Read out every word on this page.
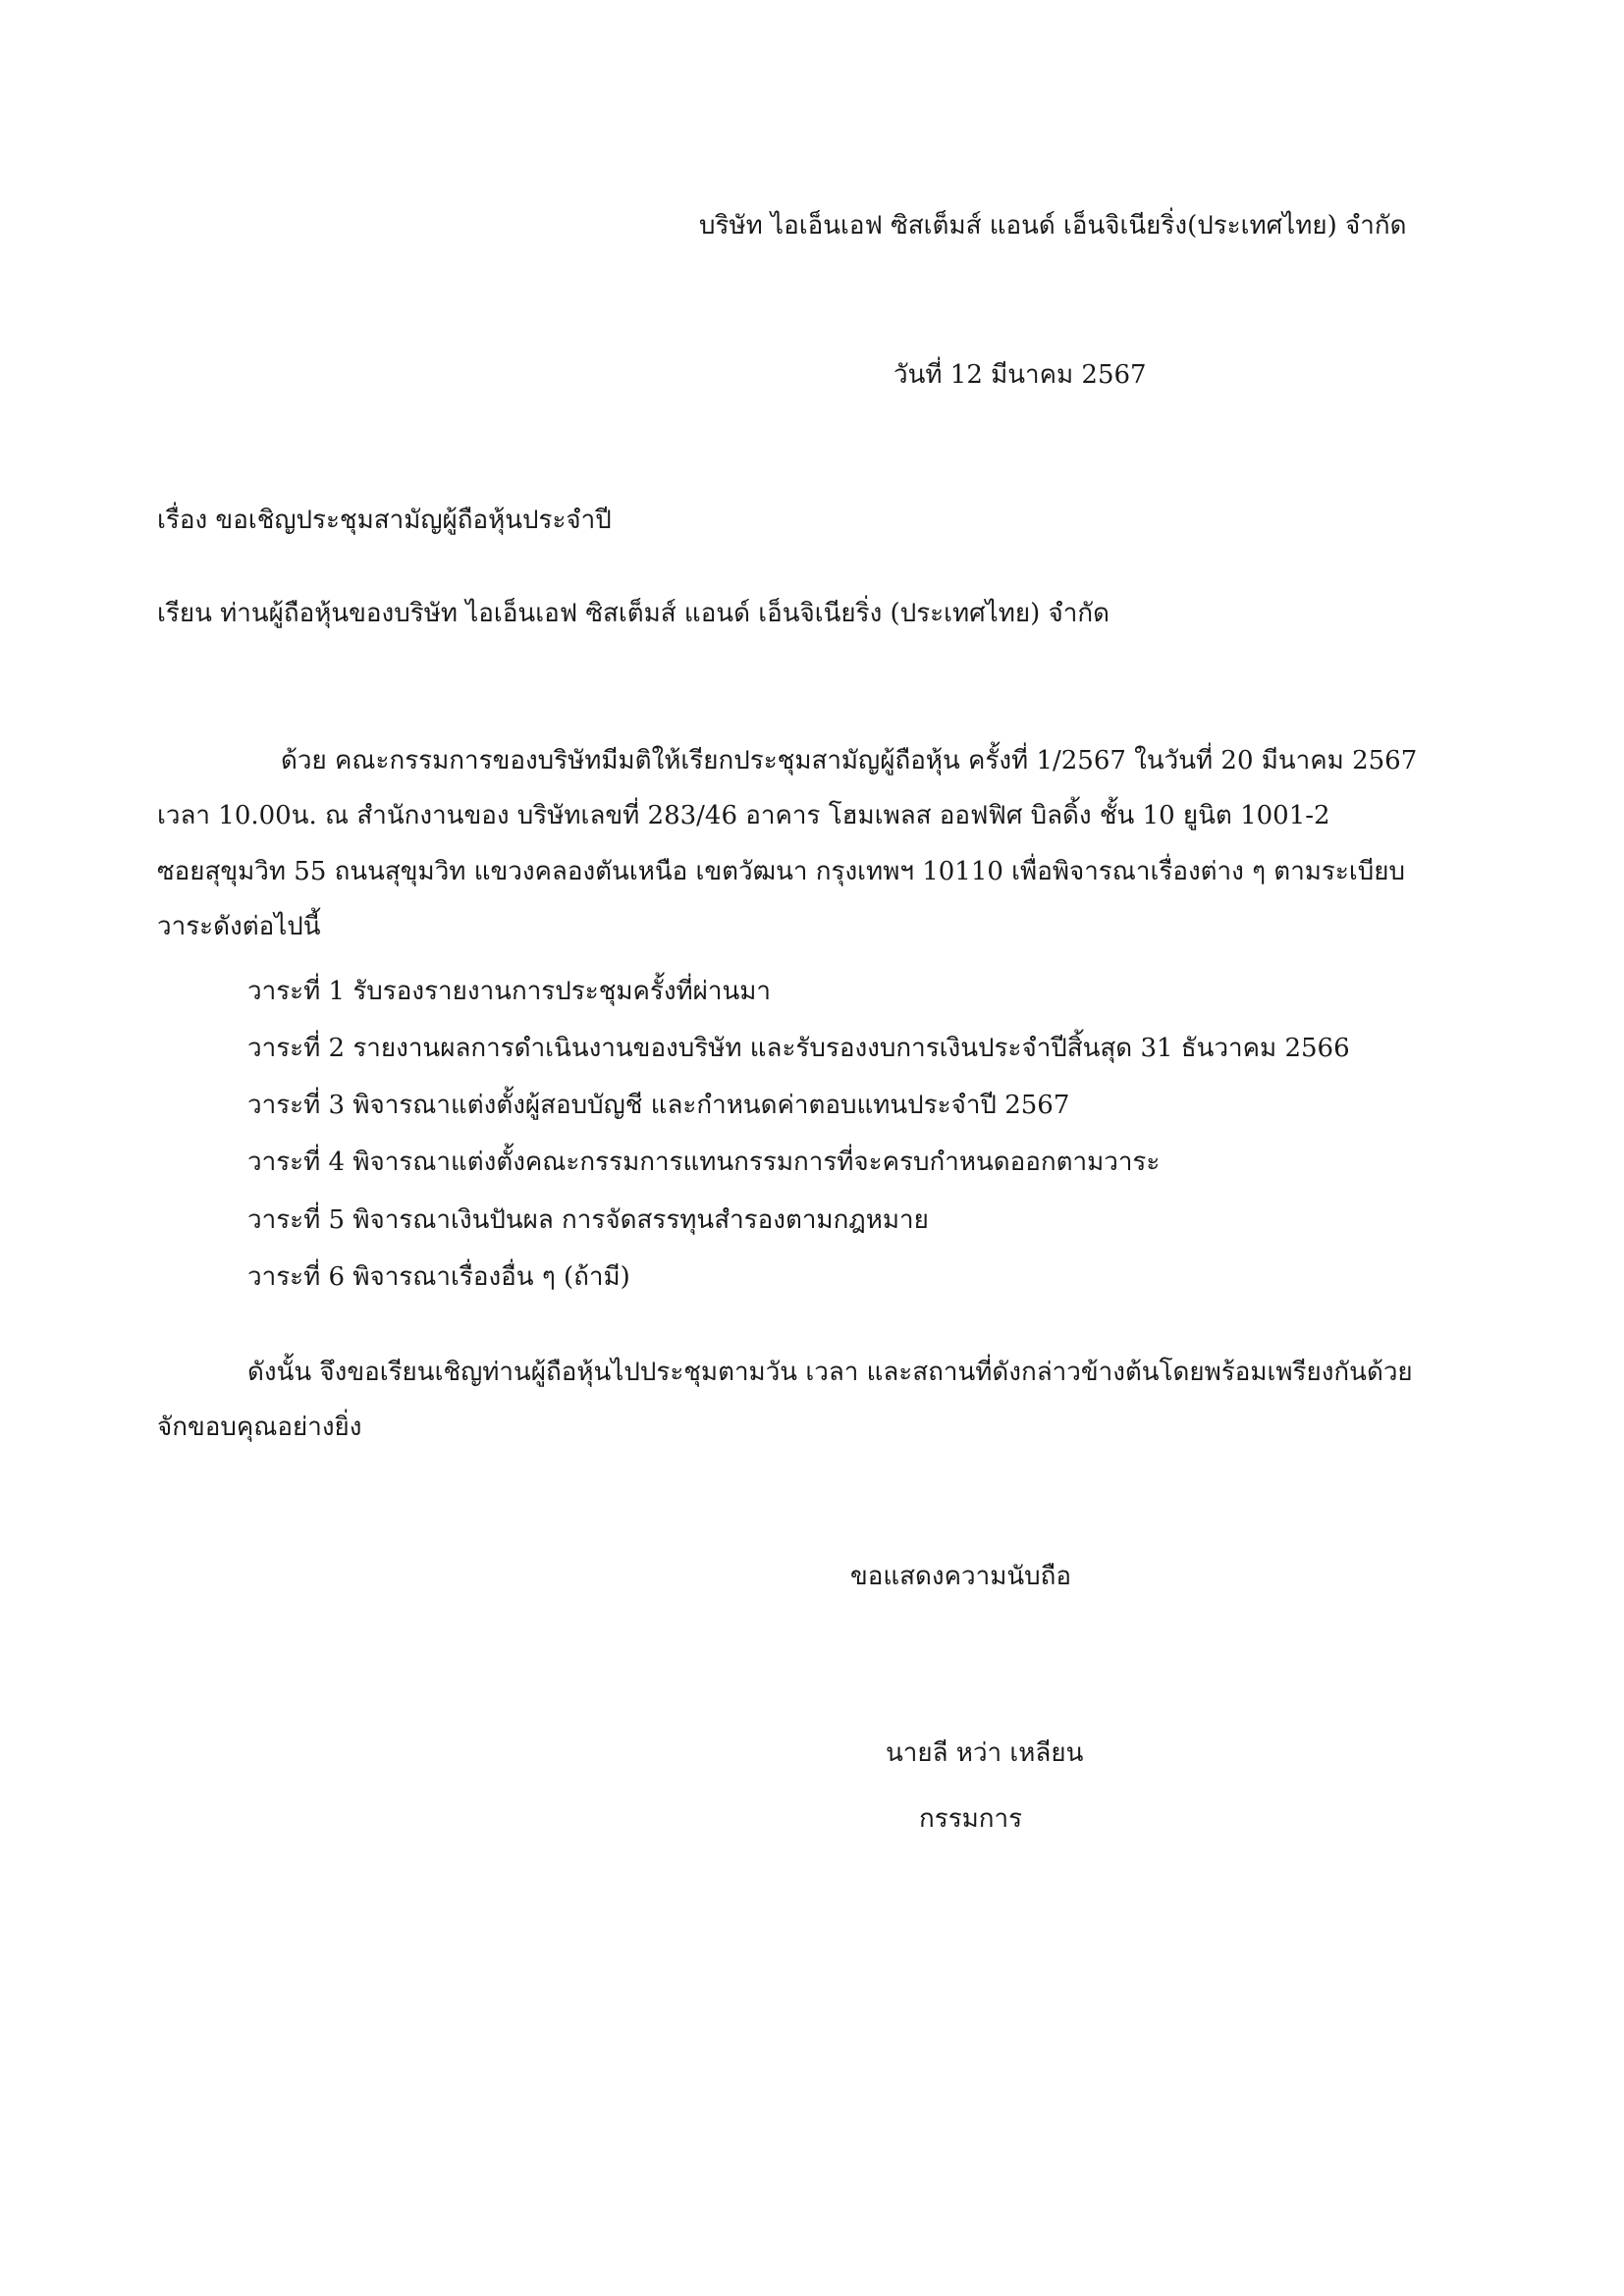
บริษัท ไอเอ็นเอฟ ซิสเต็มส์ แอนด์ เอ็นจิเนียริ่ง(ประเทศไทย) จำกัด
วันที่ 12 มีนาคม 2567
เรื่อง ขอเชิญประชุมสามัญผู้ถือหุ้นประจำปี
เรียน ท่านผู้ถือหุ้นของบริษัท ไอเอ็นเอฟ ซิสเต็มส์ แอนด์ เอ็นจิเนียริ่ง (ประเทศไทย) จำกัด
ด้วย คณะกรรมการของบริษัทมีมติให้เรียกประชุมสามัญผู้ถือหุ้น ครั้งที่ 1/2567 ในวันที่ 20 มีนาคม 2567
เวลา 10.00น. ณ สำนักงานของ บริษัทเลขที่ 283/46 อาคาร โฮมเพลส ออฟฟิศ บิลดิ้ง ชั้น 10 ยูนิต 1001-2
ซอยสุขุมวิท 55 ถนนสุขุมวิท แขวงคลองตันเหนือ เขตวัฒนา กรุงเทพฯ 10110 เพื่อพิจารณาเรื่องต่าง ๆ ตามระเบียบ
วาระดังต่อไปนี้
วาระที่ 1 รับรองรายงานการประชุมครั้งที่ผ่านมา
วาระที่ 2 รายงานผลการดำเนินงานของบริษัท และรับรองงบการเงินประจำปีสิ้นสุด 31 ธันวาคม 2566
วาระที่ 3 พิจารณาแต่งตั้งผู้สอบบัญชี และกำหนดค่าตอบแทนประจำปี 2567
วาระที่ 4 พิจารณาแต่งตั้งคณะกรรมการแทนกรรมการที่จะครบกำหนดออกตามวาระ
วาระที่ 5 พิจารณาเงินปันผล การจัดสรรทุนสำรองตามกฎหมาย
วาระที่ 6 พิจารณาเรื่องอื่น ๆ (ถ้ามี)
ดังนั้น จึงขอเรียนเชิญท่านผู้ถือหุ้นไปประชุมตามวัน เวลา และสถานที่ดังกล่าวข้างต้นโดยพร้อมเพรียงกันด้วย
จักขอบคุณอย่างยิ่ง
ขอแสดงความนับถือ
นายลี หว่า เหลียน
กรรมการ
